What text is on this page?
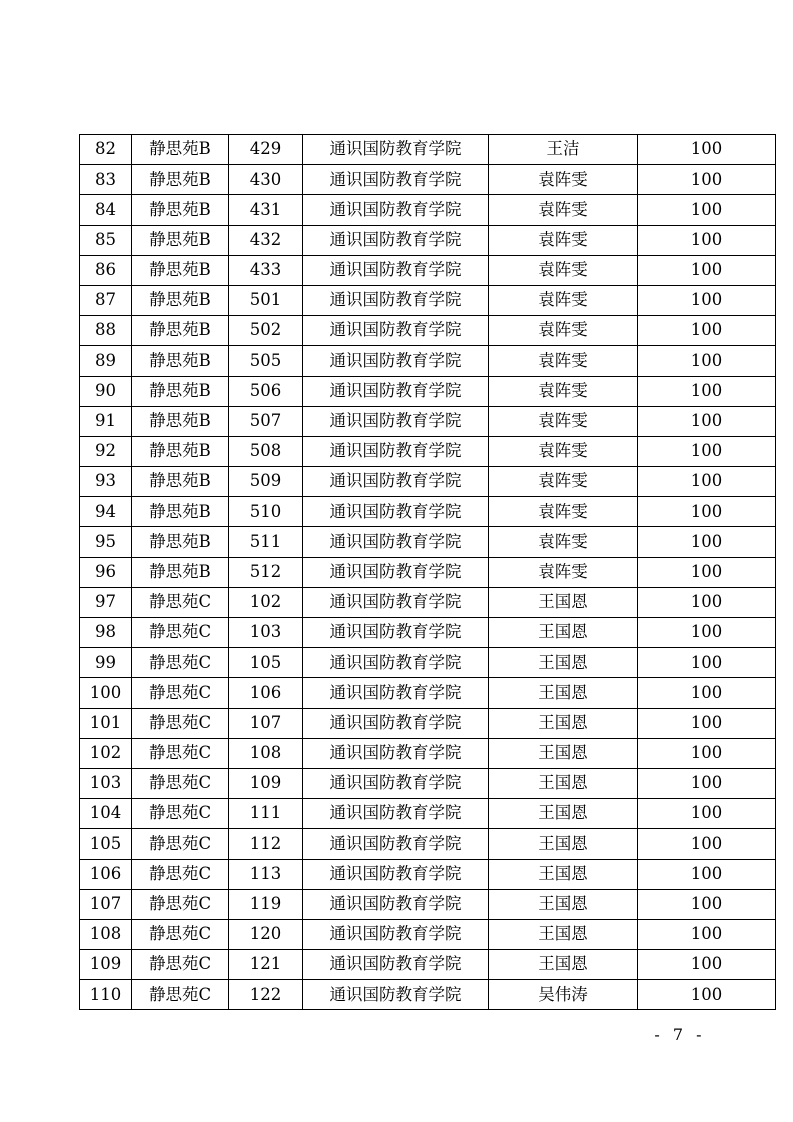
82	静思苑B	429	通识国防教育学院	王洁	100
83	静思苑B	430	通识国防教育学院	袁阵雯	100
84	静思苑B	431	通识国防教育学院	袁阵雯	100
85	静思苑B	432	通识国防教育学院	袁阵雯	100
86	静思苑B	433	通识国防教育学院	袁阵雯	100
87	静思苑B	501	通识国防教育学院	袁阵雯	100
88	静思苑B	502	通识国防教育学院	袁阵雯	100
89	静思苑B	505	通识国防教育学院	袁阵雯	100
90	静思苑B	506	通识国防教育学院	袁阵雯	100
91	静思苑B	507	通识国防教育学院	袁阵雯	100
92	静思苑B	508	通识国防教育学院	袁阵雯	100
93	静思苑B	509	通识国防教育学院	袁阵雯	100
94	静思苑B	510	通识国防教育学院	袁阵雯	100
95	静思苑B	511	通识国防教育学院	袁阵雯	100
96	静思苑B	512	通识国防教育学院	袁阵雯	100
97	静思苑C	102	通识国防教育学院	王国恩	100
98	静思苑C	103	通识国防教育学院	王国恩	100
99	静思苑C	105	通识国防教育学院	王国恩	100
100	静思苑C	106	通识国防教育学院	王国恩	100
101	静思苑C	107	通识国防教育学院	王国恩	100
102	静思苑C	108	通识国防教育学院	王国恩	100
103	静思苑C	109	通识国防教育学院	王国恩	100
104	静思苑C	111	通识国防教育学院	王国恩	100
105	静思苑C	112	通识国防教育学院	王国恩	100
106	静思苑C	113	通识国防教育学院	王国恩	100
107	静思苑C	119	通识国防教育学院	王国恩	100
108	静思苑C	120	通识国防教育学院	王国恩	100
109	静思苑C	121	通识国防教育学院	王国恩	100
110	静思苑C	122	通识国防教育学院	吴伟涛	100
- 7 -
